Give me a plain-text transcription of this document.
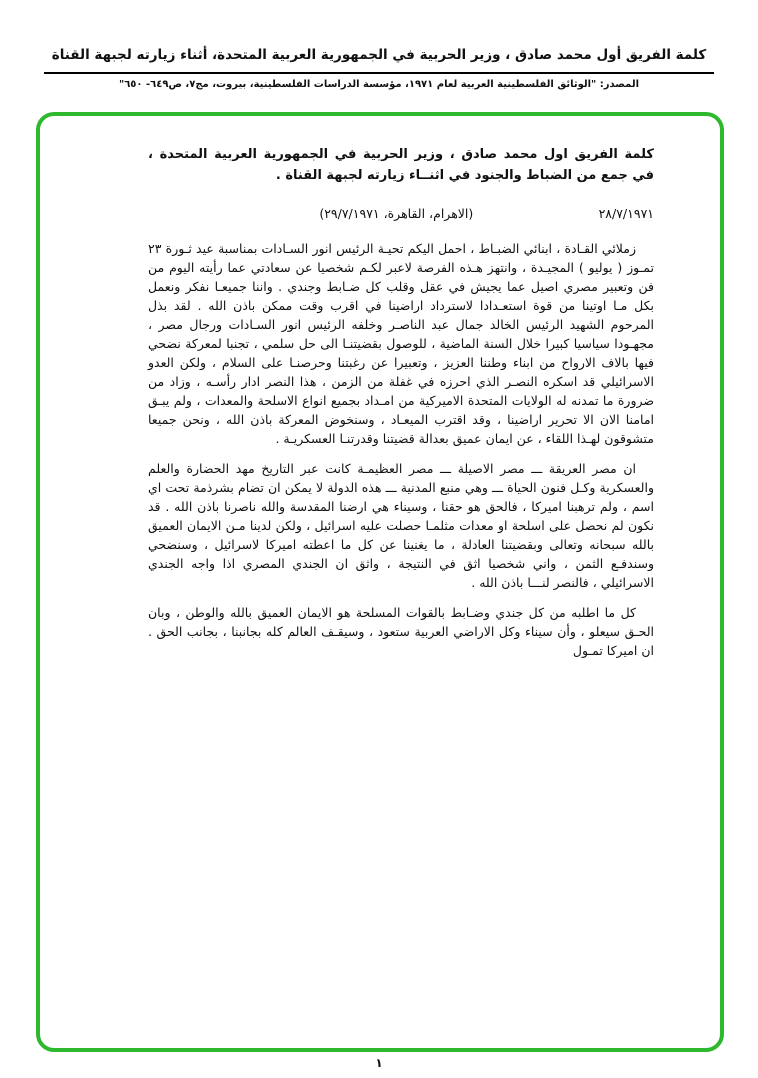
كلمة الفريق أول محمد صادق ، وزير الحربية في الجمهورية العربية المتحدة، أثناء زيارته لجبهة القناة
المصدر: "الوثائق الفلسطينية العربية لعام ١٩٧١، مؤسسة الدراسات الفلسطينية، بيروت، مج٧، ص٦٤٩- ٦٥٠"

كلمة الفريق اول محمد صادق ، وزير الحربية في الجمهورية العربية المتحدة ، في جمع من الضباط والجنود في اثنــاء زيارته لجبهة القناة .

٢٨/٧/١٩٧١
(الاهرام، القاهرة، ٢٩/٧/١٩٧١)

زملائي القـادة ، ابنائي الضبـاط ، احمل اليكم تحيـة الرئيس انور السـادات بمناسبة عيد ثـورة ٢٣ تمـوز ( يوليو ) المجيـدة ، وانتهز هـذه الفرصة لاعبر لكـم شخصيا عن سعادتي عما رأيته اليوم من فن وتعبير مصري اصيل عما يجيش في عقل وقلب كل ضـابط وجندي . واننا جميعـا نفكر ونعمل بكل مـا اوتينا من قوة استعـدادا لاسترداد اراضينا في اقرب وقت ممكن باذن الله . لقد بذل المرحوم الشهيد الرئيس الخالد جمال عبد الناصـر وخلفه الرئيس انور السـادات ورجال مصر ، مجهـودا سياسيا كبيرا خلال السنة الماضية ، للوصول بقضيتنـا الى حل سلمي ، تجنبا لمعركة نضحي فيها بالاف الارواح من ابناء وطننا العزيز ، وتعبيرا عن رغبتنا وحرصنـا على السلام ، ولكن العدو الاسرائيلي قد اسكره النصـر الذي احرزه في غفلة من الزمن ، هذا النصر ادار رأسـه ، وزاد من ضرورة ما تمدنه له الولايات المتحدة الاميركية من امـداد بجميع انواع الاسلحة والمعدات ، ولم يبـق امامنا الان الا تحرير اراضينا ، وقد اقترب الميعـاد ، وسنخوض المعركة باذن الله ، ونحن جميعا متشوقون لهـذا اللقاء ، عن ايمان عميق بعدالة قضيتنا وقدرتنـا العسكريـة .

ان مصر العريقة ـــ مصر الاصيلة ـــ مصر العظيمـة كانت عبر التاريخ مهد الحضارة والعلم والعسكرية وكـل فنون الحياة ـــ وهي منبع المدنية ـــ هذه الدولة لا يمكن ان تضام بشرذمة تحت اي اسم ، ولم ترهبنا اميركا ، فالحق هو حقنا ، وسيناء هي ارضنا المقدسة والله ناصرنا باذن الله . قد نكون لم نحصل على اسلحة او معدات مثلمـا حصلت عليه اسرائيل ، ولكن لدينا مـن الايمان العميق بالله سبحانه وتعالى وبقضيتنا العادلة ، ما يغنينا عن كل ما اعطته اميركا لاسرائيل ، وسنضحي وسندفـع الثمن ، واني شخصيا اثق في النتيجة ، واثق ان الجندي المصري اذا واجه الجندي الاسرائيلي ، فالنصر لنـــا باذن الله .

كل ما اطلبه من كل جندي وضـابط بالقوات المسلحة هو الايمان العميق بالله والوطن ، وبان الحـق سيعلو ، وأن سيناء وكل الاراضي العربية ستعود ، وسيقـف العالم كله بجانبنا ، بجانب الحق . ان اميركا تمـول

١
